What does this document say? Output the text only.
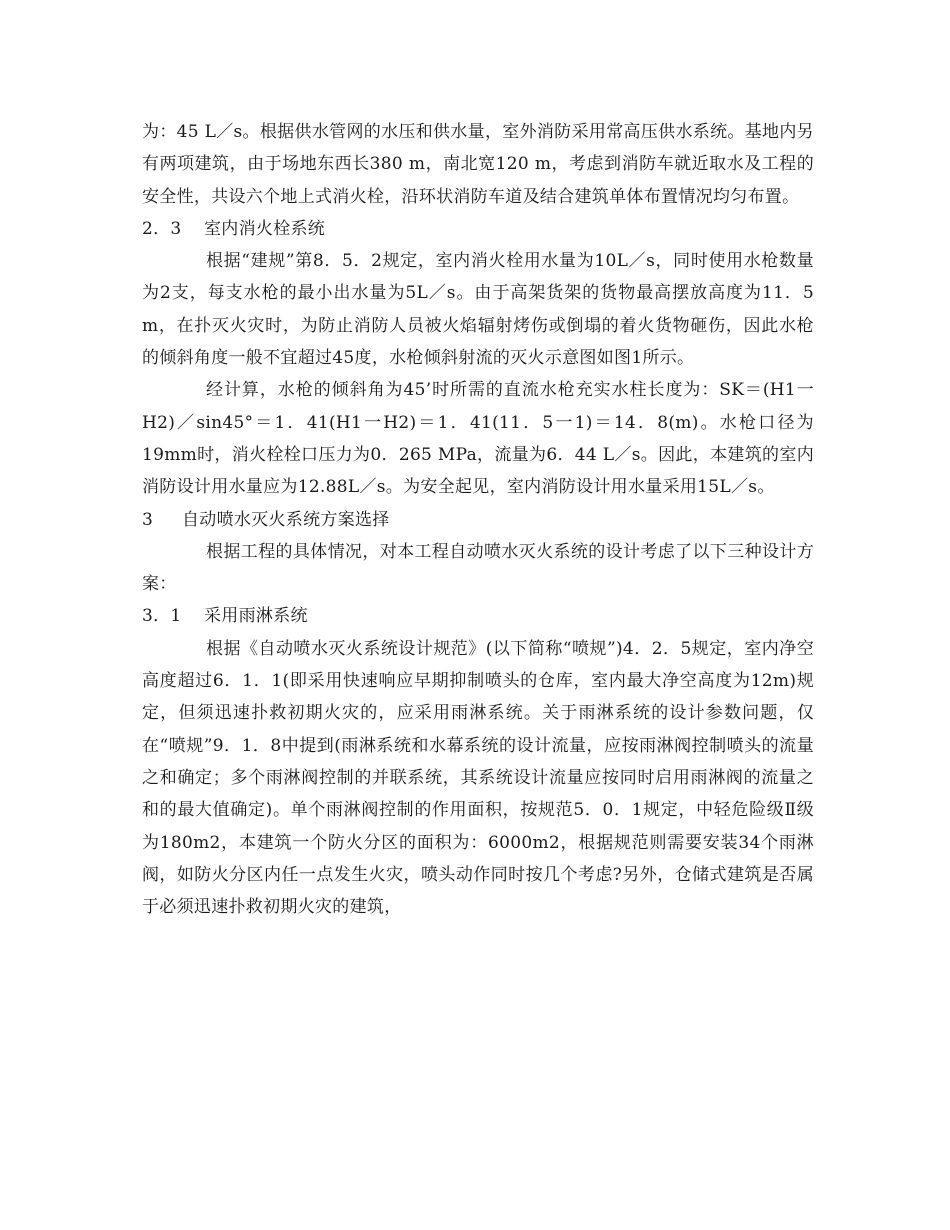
为：45 L／s。根据供水管网的水压和供水量，室外消防采用常高压供水系统。基地内另有两项建筑，由于场地东西长380 m，南北宽120 m，考虑到消防车就近取水及工程的安全性，共设六个地上式消火栓，沿环状消防车道及结合建筑单体布置情况均匀布置。

2．3 室内消火栓系统

根据“建规”第8．5．2规定，室内消火栓用水量为10L／s，同时使用水枪数量为2支，每支水枪的最小出水量为5L／s。由于高架货架的货物最高摆放高度为11．5 m，在扑灭火灾时，为防止消防人员被火焰辐射烤伤或倒塌的着火货物砸伤，因此水枪的倾斜角度一般不宜超过45度，水枪倾斜射流的灭火示意图如图1所示。

经计算，水枪的倾斜角为45’时所需的直流水枪充实水柱长度为：SK＝(H1一H2)／sin45°＝1．41(H1一H2)＝1．41(11．5一1)＝14．8(m)。水枪口径为19mm时，消火栓栓口压力为0．265 MPa，流量为6．44 L／s。因此，本建筑的室内消防设计用水量应为12.88L／s。为安全起见，室内消防设计用水量采用15L／s。

3 自动喷水灭火系统方案选择

根据工程的具体情况，对本工程自动喷水灭火系统的设计考虑了以下三种设计方案：

3．1 采用雨淋系统

根据《自动喷水灭火系统设计规范》(以下简称“喷规”)4．2．5规定，室内净空高度超过6．1．1(即采用快速响应早期抑制喷头的仓库，室内最大净空高度为12m)规定，但须迅速扑救初期火灾的，应采用雨淋系统。关于雨淋系统的设计参数问题，仅在“喷规”9．1．8中提到(雨淋系统和水幕系统的设计流量，应按雨淋阀控制喷头的流量之和确定；多个雨淋阀控制的并联系统，其系统设计流量应按同时启用雨淋阀的流量之和的最大值确定)。单个雨淋阀控制的作用面积，按规范5．0．1规定，中轻危险级Ⅱ级为180m2，本建筑一个防火分区的面积为：6000m2，根据规范则需要安装34个雨淋阀，如防火分区内任一点发生火灾，喷头动作同时按几个考虑?另外，仓储式建筑是否属于必须迅速扑救初期火灾的建筑，
